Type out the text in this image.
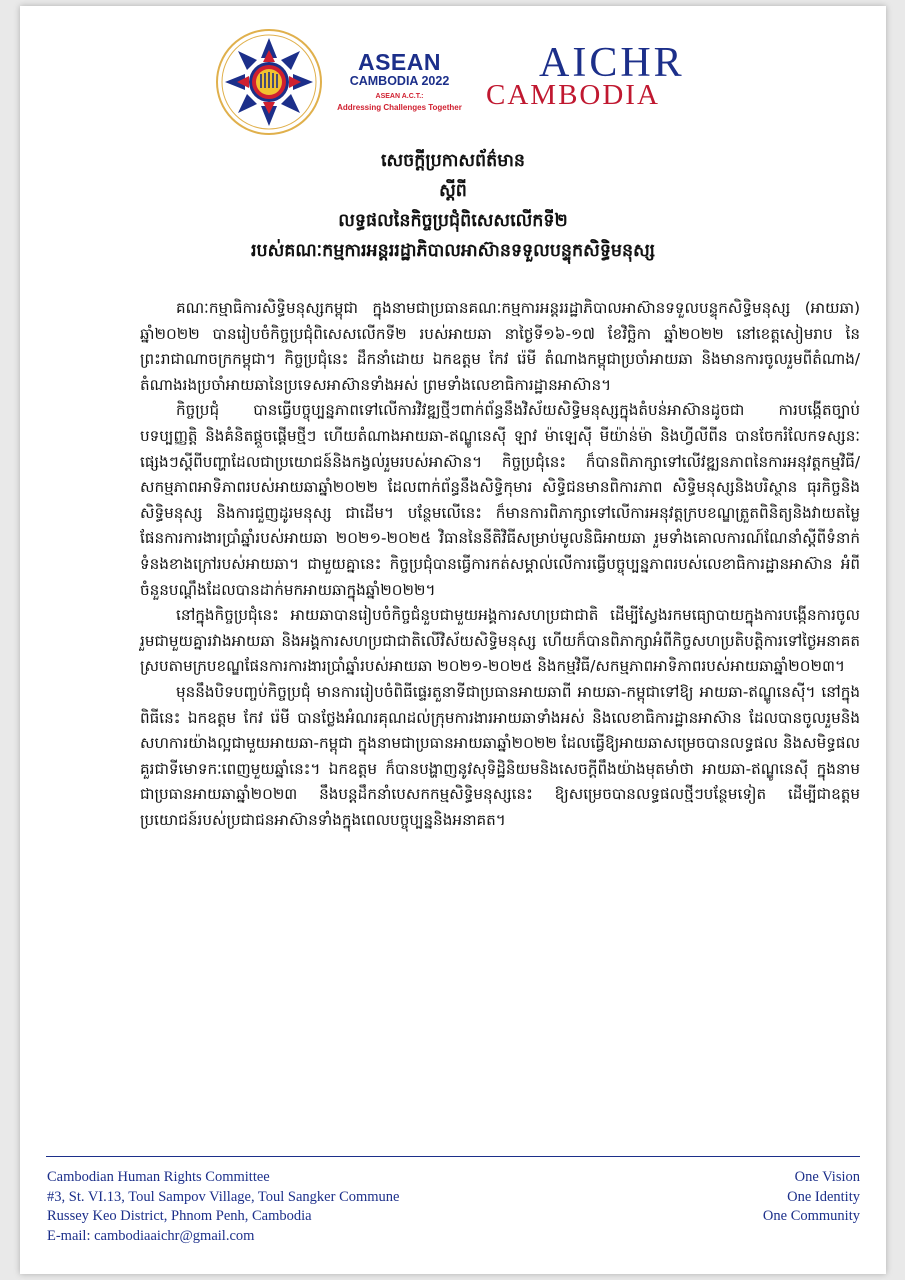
ASEAN
CAMBODIA 2022
ASEAN A.C.T.:
Addressing Challenges Together
AICHR
CAMBODIA
សេចក្តីប្រកាសព័ត៌មាន
ស្តីពី
លទ្ធផលនៃកិច្ចប្រជុំពិសេសលើកទី២
របស់គណៈកម្មការអន្តររដ្ឋាភិបាលអាស៊ានទទួលបន្ទុកសិទ្ធិមនុស្ស

គណៈកម្មាធិការសិទ្ធិមនុស្សកម្ពុជា ក្នុងនាមជាប្រធានគណៈកម្មការអន្តររដ្ឋាភិបាលអាស៊ានទទួលបន្ទុកសិទ្ធិមនុស្ស (អាយឆា) ឆ្នាំ២០២២ បានរៀបចំកិច្ចប្រជុំពិសេសលើកទី២ របស់អាយឆា នាថ្ងៃទី១៦-១៧ ខែវិច្ឆិកា ឆ្នាំ២០២២ នៅខេត្តសៀមរាប នៃព្រះរាជាណាចក្រកម្ពុជា។ កិច្ចប្រជុំនេះ ដឹកនាំដោយ ឯកឧត្តម កែវ រ៉េមី តំណាងកម្ពុជាប្រចាំអាយឆា និងមានការចូលរួមពីតំណាង/តំណាងរងប្រចាំអាយឆានៃប្រទេសអាស៊ានទាំងអស់ ព្រមទាំងលេខាធិការដ្ឋានអាស៊ាន។

កិច្ចប្រជុំ បានធ្វើបច្ចុប្បន្នភាពទៅលើការវិវឌ្ឍថ្មីៗពាក់ព័ន្ធនឹងវិស័យសិទ្ធិមនុស្សក្នុងតំបន់អាស៊ានដូចជា ការបង្កើតច្បាប់ បទប្បញ្ញត្តិ និងគំនិតផ្តួចផ្តើមថ្មីៗ ហើយតំណាងអាយឆា-ឥណ្ឌូនេស៊ី ឡាវ ម៉ាឡេស៊ី មីយ៉ាន់ម៉ា និងហ្វីលីពីន បានចែករំលែកទស្សនៈផ្សេងៗស្តីពីបញ្ហាដែលជាប្រយោជន៍និងកង្វល់រួមរបស់អាស៊ាន។ កិច្ចប្រជុំនេះ ក៏បានពិភាក្សាទៅលើវឌ្ឍនភាពនៃការអនុវត្តកម្មវិធី/សកម្មភាពអាទិភាពរបស់អាយឆាឆ្នាំ២០២២ ដែលពាក់ព័ន្ធនឹងសិទ្ធិកុមារ សិទ្ធិជនមានពិការភាព សិទ្ធិមនុស្សនិងបរិស្ថាន ធុរកិច្ចនិងសិទ្ធិមនុស្ស និងការជួញដូរមនុស្ស ជាដើម។ បន្ថែមលើនេះ ក៏មានការពិភាក្សាទៅលើការអនុវត្តក្របខណ្ឌត្រួតពិនិត្យនិងវាយតម្លៃផែនការការងារប្រាំឆ្នាំរបស់អាយឆា ២០២១-២០២៥ វិធាននៃនីតិវិធីសម្រាប់មូលនិធិអាយឆា រួមទាំងគោលការណ៍ណែនាំស្តីពីទំនាក់ទំនងខាងក្រៅរបស់អាយឆា។ ជាមួយគ្នានេះ កិច្ចប្រជុំបានធ្វើការកត់សម្គាល់លើការធ្វើបច្ចុប្បន្នភាពរបស់លេខាធិការដ្ឋានអាស៊ាន អំពីចំនួនបណ្តឹងដែលបានដាក់មកអាយឆាក្នុងឆ្នាំ២០២២។

នៅក្នុងកិច្ចប្រជុំនេះ អាយឆាបានរៀបចំកិច្ចជំនួបជាមួយអង្គការសហប្រជាជាតិ ដើម្បីស្វែងរកមធ្យោបាយក្នុងការបង្កើនការចូលរួមជាមួយគ្នារវាងអាយឆា និងអង្គការសហប្រជាជាតិលើវិស័យសិទ្ធិមនុស្ស ហើយក៏បានពិភាក្សាអំពីកិច្ចសហប្រតិបត្តិការទៅថ្ងៃអនាគតស្របតាមក្របខណ្ឌផែនការការងារប្រាំឆ្នាំរបស់អាយឆា ២០២១-២០២៥ និងកម្មវិធី/សកម្មភាពអាទិភាពរបស់អាយឆាឆ្នាំ២០២៣។

មុននឹងបិទបញ្ចប់កិច្ចប្រជុំ មានការរៀបចំពិធីផ្ទេរតួនាទីជាប្រធានអាយឆាពី អាយឆា-កម្ពុជាទៅឱ្យ អាយឆា-ឥណ្ឌូនេស៊ី។ នៅក្នុងពិធីនេះ ឯកឧត្តម កែវ រ៉េមី បានថ្លែងអំណរគុណដល់ក្រុមការងារអាយឆាទាំងអស់ និងលេខាធិការដ្ឋានអាស៊ាន ដែលបានចូលរួមនិងសហការយ៉ាងល្អជាមួយអាយឆា-កម្ពុជា ក្នុងនាមជាប្រធានអាយឆាឆ្នាំ២០២២ ដែលធ្វើឱ្យអាយឆាសម្រេចបានលទ្ធផល និងសមិទ្ធផលគួរជាទីមោទកៈពេញមួយឆ្នាំនេះ។ ឯកឧត្តម ក៏បានបង្ហាញនូវសុទិដ្ឋិនិយមនិងសេចក្តីពឹងយ៉ាងមុតមាំថា អាយឆា-ឥណ្ឌូនេស៊ី ក្នុងនាមជាប្រធានអាយឆាឆ្នាំ២០២៣ នឹងបន្តដឹកនាំបេសកកម្មសិទ្ធិមនុស្សនេះ ឱ្យសម្រេចបានលទ្ធផលថ្មីៗបន្ថែមទៀត ដើម្បីជាឧត្តមប្រយោជន៍របស់ប្រជាជនអាស៊ានទាំងក្នុងពេលបច្ចុប្បន្ននិងអនាគត។

Cambodian Human Rights Committee
#3, St. VI.13, Toul Sampov Village, Toul Sangker Commune
Russey Keo District, Phnom Penh, Cambodia
E-mail: cambodiaaichr@gmail.com
One Vision
One Identity
One Community
